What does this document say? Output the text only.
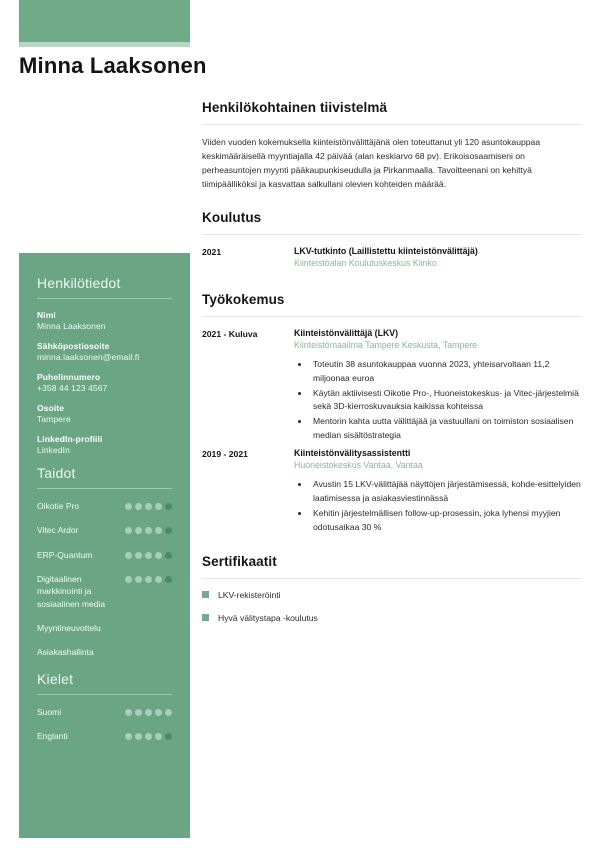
Minna Laaksonen
Henkilötiedot
Nimi
Minna Laaksonen
Sähköpostiosoite
minna.laaksonen@email.fi
Puhelinnumero
+358 44 123 4567
Osoite
Tampere
LinkedIn-profiili
LinkedIn
Taidot
Oikotie Pro
Vitec Ardor
ERP-Quantum
Digitaalinen markkinointi ja sosiaalinen media
Myyntineuvottelu
Asiakashallinta
Kielet
Suomi
Englanti
Henkilökohtainen tiivistelmä

Viiden vuoden kokemuksella kiinteistönvälittäjänä olen toteuttanut yli 120 asuntokauppaa keskimääräisellä myyntiajalla 42 päivää (alan keskiarvo 68 pv). Erikoisosaamiseni on perheasuntojen myynti pääkaupunkiseudulla ja Pirkanmaalla. Tavoitteenani on kehittyä tiimipäälliköksi ja kasvattaa salkullani olevien kohteiden määrää.

Koulutus
2021	LKV-tutkinto (Laillistettu kiinteistönvälittäjä)
Kiinteistöalan Koulutuskeskus Kiinko
Työkokemus
2021 - Kuluva	Kiinteistönvälittäjä (LKV)
Kiinteistömaailma Tampere Keskusta, Tampere
• Toteutin 38 asuntokauppaa vuonna 2023, yhteisarvoltaan 11,2 miljoonaa euroa
• Käytän aktiivisesti Oikotie Pro-, Huoneistokeskus- ja Vitec-järjestelmiä sekä 3D-kierroskuvauksia kaikissa kohteissa
• Mentorin kahta uutta välittäjää ja vastuullani on toimiston sosiaalisen median sisältöstrategia
2019 - 2021	Kiinteistönvälitysassistentti
Huoneistokeskus Vantaa, Vantaa
• Avustin 15 LKV-välittäjää näyttöjen järjestämisessä, kohde-esittelyiden laatimisessa ja asiakasviestinnässä
• Kehitin järjestelmällisen follow-up-prosessin, joka lyhensi myyjien odotusaikaa 30 %
Sertifikaatit
LKV-rekisteröinti
Hyvä välitystapa -koulutus
